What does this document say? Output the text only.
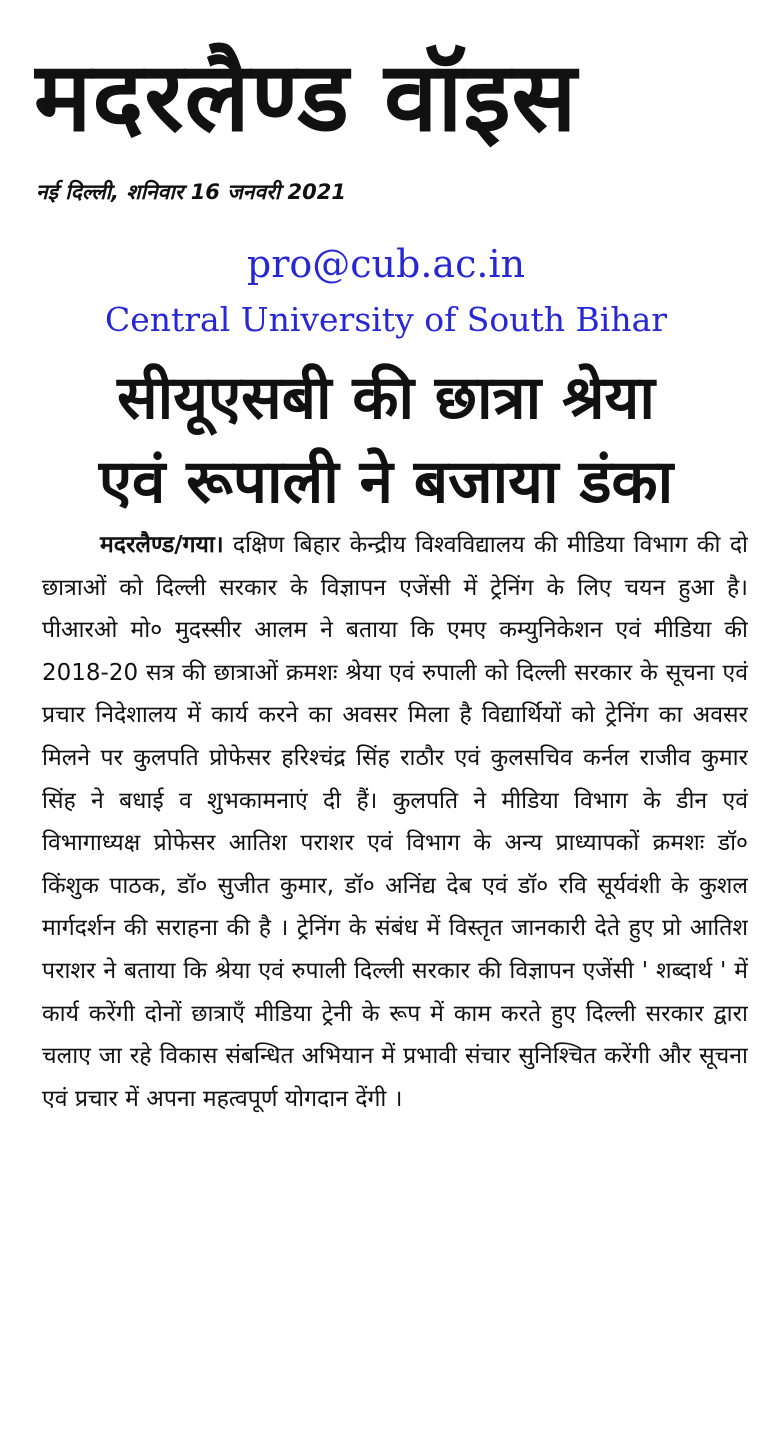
मदरलैण्ड वॉइस
नई दिल्ली, शनिवार 16 जनवरी 2021
pro@cub.ac.in
Central University of South Bihar
सीयूएसबी की छात्रा श्रेया
एवं रूपाली ने बजाया डंका
मदरलैण्ड/गया। दक्षिण बिहार केन्द्रीय विश्वविद्यालय की मीडिया विभाग की दो छात्राओं को दिल्ली सरकार के विज्ञापन एजेंसी में ट्रेनिंग के लिए चयन हुआ है। पीआरओ मो० मुदस्सीर आलम ने बताया कि एमए कम्युनिकेशन एवं मीडिया की 2018-20 सत्र की छात्राओं क्रमशः श्रेया एवं रुपाली को दिल्ली सरकार के सूचना एवं प्रचार निदेशालय में कार्य करने का अवसर मिला है विद्यार्थियों को ट्रेनिंग का अवसर मिलने पर कुलपति प्रोफेसर हरिश्चंद्र सिंह राठौर एवं कुलसचिव कर्नल राजीव कुमार सिंह ने बधाई व शुभकामनाएं दी हैं। कुलपति ने मीडिया विभाग के डीन एवं विभागाध्यक्ष प्रोफेसर आतिश पराशर एवं विभाग के अन्य प्राध्यापकों क्रमशः डॉ० किंशुक पाठक, डॉ० सुजीत कुमार, डॉ० अनिंद्य देब एवं डॉ० रवि सूर्यवंशी के कुशल मार्गदर्शन की सराहना की है । ट्रेनिंग के संबंध में विस्तृत जानकारी देते हुए प्रो आतिश पराशर ने बताया कि श्रेया एवं रुपाली दिल्ली सरकार की विज्ञापन एजेंसी ' शब्दार्थ ' में कार्य करेंगी दोनों छात्राएँ मीडिया ट्रेनी के रूप में काम करते हुए दिल्ली सरकार द्वारा चलाए जा रहे विकास संबन्धित अभियान में प्रभावी संचार सुनिश्चित करेंगी और सूचना एवं प्रचार में अपना महत्वपूर्ण योगदान देंगी ।
